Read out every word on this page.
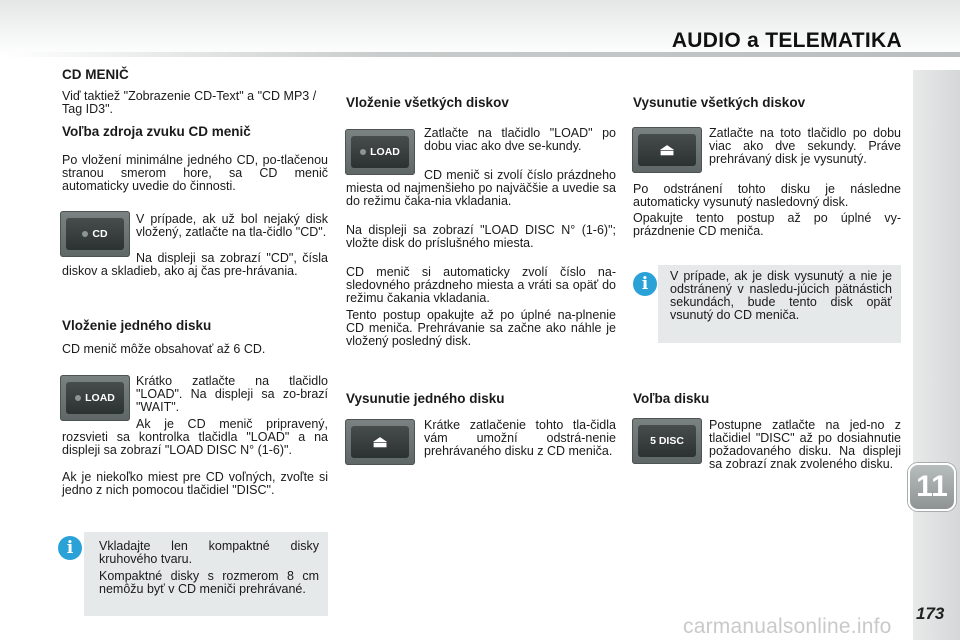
AUDIO a TELEMATIKA
11
173
CD MENIČ
Viď taktiež "Zobrazenie CD-Text" a "CD MP3 / Tag ID3".
Voľba zdroja zvuku CD menič
Po vložení minimálne jedného CD, po-tlačenou stranou smerom hore, sa CD menič automaticky uvedie do činnosti.
CD
V prípade, ak už bol nejaký disk vložený, zatlačte na tla-čidlo "CD".
Na displeji sa zobrazí "CD", čísla diskov a skladieb, ako aj čas pre-hrávania.
Vloženie jedného disku
CD menič môže obsahovať až 6 CD.
LOAD
Krátko zatlačte na tlačidlo "LOAD". Na displeji sa zo-brazí "WAIT".
Ak je CD menič pripravený, rozsvieti sa kontrolka tlačidla "LOAD" a na displeji sa zobrazí "LOAD DISC N° (1-6)".
Ak je niekoľko miest pre CD voľných, zvoľte si jedno z nich pomocou tlačidiel "DISC".
i	Vkladajte len kompaktné disky kruhového tvaru.
Kompaktné disky s rozmerom 8 cm nemôžu byť v CD meniči prehrávané.
Vloženie všetkých diskov
LOAD
Zatlačte na tlačidlo "LOAD" po dobu viac ako dve se-kundy.
CD menič si zvolí číslo prázdneho miesta od najmenšieho po najväčšie a uvedie sa do režimu čaka-nia vkladania.
Na displeji sa zobrazí "LOAD DISC N° (1-6)"; vložte disk do príslušného miesta.
CD menič si automaticky zvolí číslo na-sledovného prázdneho miesta a vráti sa opäť do režimu čakania vkladania.
Tento postup opakujte až po úplné na-plnenie CD meniča. Prehrávanie sa začne ako náhle je vložený posledný disk.
Vysunutie jedného disku
⏏
Krátke zatlačenie tohto tla-čidla vám umožní odstrá-nenie prehrávaného disku z CD meniča.
Vysunutie všetkých diskov
⏏
Zatlačte na toto tlačidlo po dobu viac ako dve sekundy. Práve prehrávaný disk je vysunutý.
Po odstránení tohto disku je následne automaticky vysunutý nasledovný disk.
Opakujte tento postup až po úplné vy-prázdnenie CD meniča.
i	V prípade, ak je disk vysunutý a nie je odstránený v nasledu-júcich pätnástich sekundách, bude tento disk opäť vsunutý do CD meniča.
Voľba disku
5 DISC
Postupne zatlačte na jed-no z tlačidiel "DISC" až po dosiahnutie požadovaného disku. Na displeji sa zobrazí znak zvoleného disku.
carmanualsonline.info
